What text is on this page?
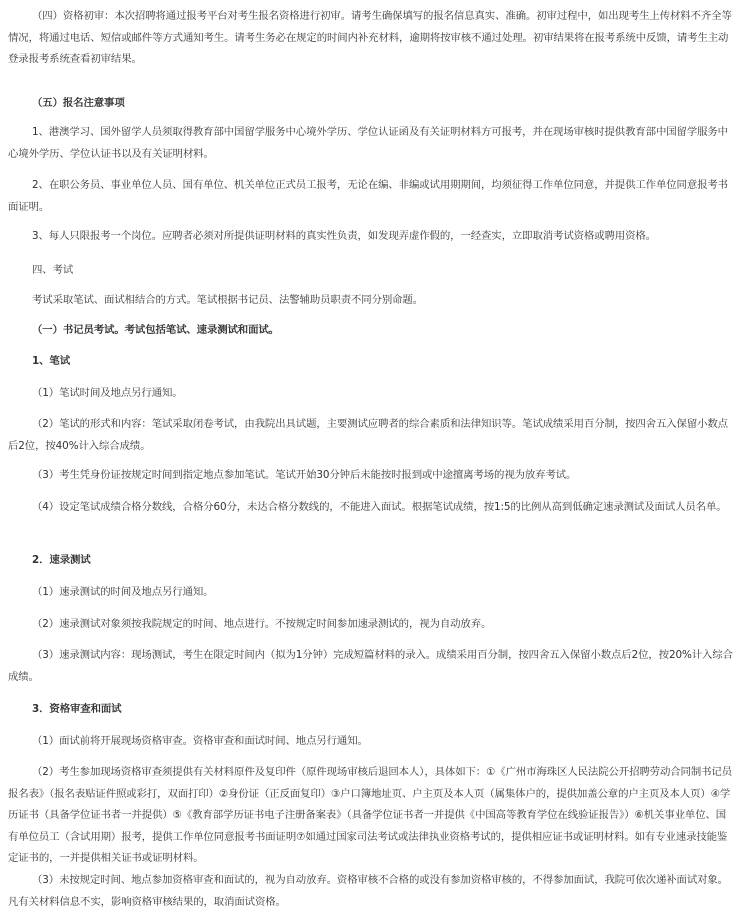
（四）资格初审：本次招聘将通过报考平台对考生报名资格进行初审。请考生确保填写的报名信息真实、准确。初审过程中，如出现考生上传材料不齐全等情况，将通过电话、短信或邮件等方式通知考生。请考生务必在规定的时间内补充材料，逾期将按审核不通过处理。初审结果将在报考系统中反馈，请考生主动登录报考系统查看初审结果。

（五）报名注意事项

1、港澳学习、国外留学人员须取得教育部中国留学服务中心境外学历、学位认证函及有关证明材料方可报考，并在现场审核时提供教育部中国留学服务中心境外学历、学位认证书以及有关证明材料。

2、在职公务员、事业单位人员、国有单位、机关单位正式员工报考，无论在编、非编或试用期期间，均须征得工作单位同意，并提供工作单位同意报考书面证明。

3、每人只限报考一个岗位。应聘者必须对所提供证明材料的真实性负责，如发现弄虚作假的，一经查实，立即取消考试资格或聘用资格。

四、考试

考试采取笔试、面试相结合的方式。笔试根据书记员、法警辅助员职责不同分别命题。

（一）书记员考试。考试包括笔试、速录测试和面试。

1、笔试

（1）笔试时间及地点另行通知。

（2）笔试的形式和内容：笔试采取闭卷考试，由我院出具试题，主要测试应聘者的综合素质和法律知识等。笔试成绩采用百分制，按四舍五入保留小数点后2位，按40%计入综合成绩。

（3）考生凭身份证按规定时间到指定地点参加笔试。笔试开始30分钟后未能按时报到或中途擅离考场的视为放弃考试。

（4）设定笔试成绩合格分数线，合格分60分，未达合格分数线的，不能进入面试。根据笔试成绩，按1:5的比例从高到低确定速录测试及面试人员名单。

2．速录测试

（1）速录测试的时间及地点另行通知。

（2）速录测试对象须按我院规定的时间、地点进行。不按规定时间参加速录测试的，视为自动放弃。

（3）速录测试内容：现场测试，考生在限定时间内（拟为1分钟）完成短篇材料的录入。成绩采用百分制，按四舍五入保留小数点后2位，按20%计入综合成绩。

3．资格审查和面试

（1）面试前将开展现场资格审查。资格审查和面试时间、地点另行通知。

（2）考生参加现场资格审查须提供有关材料原件及复印件（原件现场审核后退回本人），具体如下：①《广州市海珠区人民法院公开招聘劳动合同制书记员报名表》（报名表贴证件照或彩打，双面打印）②身份证（正反面复印）③户口簿地址页、户主页及本人页（属集体户的，提供加盖公章的户主页及本人页）④学历证书（具备学位证书者一并提供）⑤《教育部学历证书电子注册备案表》（具备学位证书者一并提供《中国高等教育学位在线验证报告》）⑥机关事业单位、国有单位员工（含试用期）报考，提供工作单位同意报考书面证明⑦如通过国家司法考试或法律执业资格考试的，提供相应证书或证明材料。如有专业速录技能鉴定证书的，一并提供相关证书或证明材料。

（3）未按规定时间、地点参加资格审查和面试的，视为自动放弃。资格审核不合格的或没有参加资格审核的，不得参加面试，我院可依次递补面试对象。凡有关材料信息不实，影响资格审核结果的，取消面试资格。
